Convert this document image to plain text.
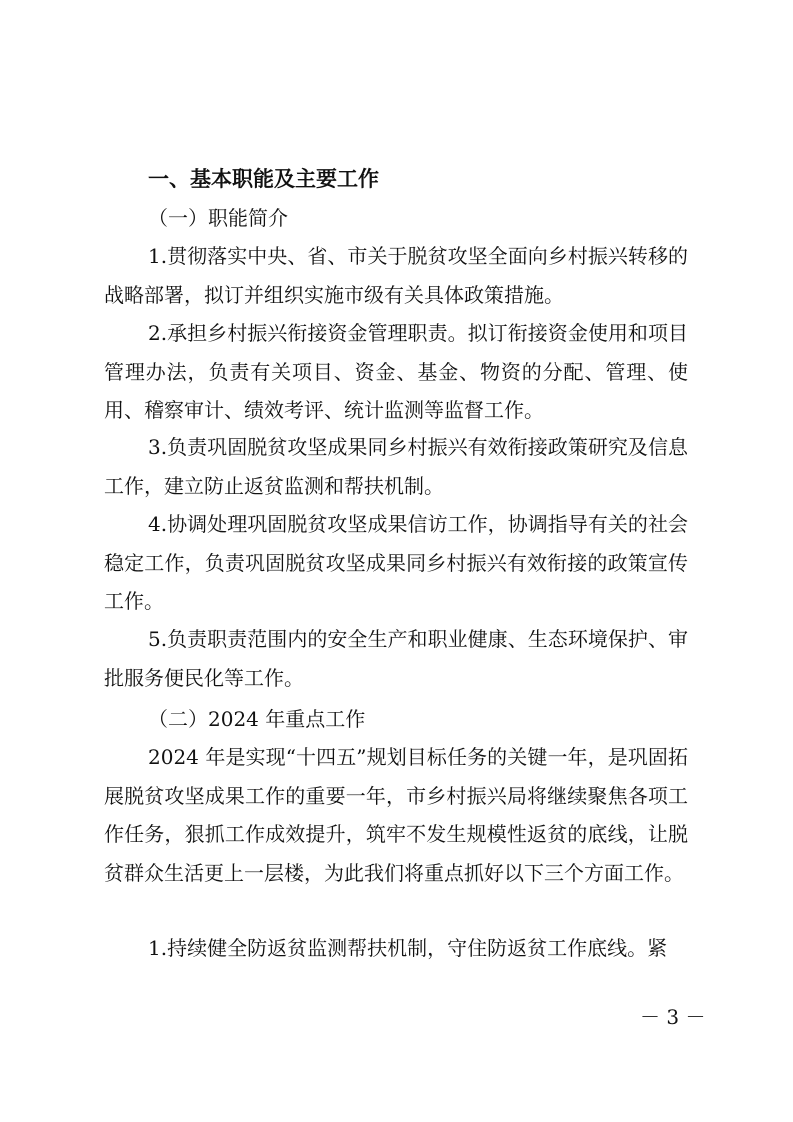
一、基本职能及主要工作
（一）职能简介

1.贯彻落实中央、省、市关于脱贫攻坚全面向乡村振兴转移的战略部署，拟订并组织实施市级有关具体政策措施。

2.承担乡村振兴衔接资金管理职责。拟订衔接资金使用和项目管理办法，负责有关项目、资金、基金、物资的分配、管理、使用、稽察审计、绩效考评、统计监测等监督工作。

3.负责巩固脱贫攻坚成果同乡村振兴有效衔接政策研究及信息工作，建立防止返贫监测和帮扶机制。

4.协调处理巩固脱贫攻坚成果信访工作，协调指导有关的社会稳定工作，负责巩固脱贫攻坚成果同乡村振兴有效衔接的政策宣传工作。

5.负责职责范围内的安全生产和职业健康、生态环境保护、审批服务便民化等工作。

（二）2024 年重点工作

2024 年是实现“十四五”规划目标任务的关键一年，是巩固拓展脱贫攻坚成果工作的重要一年，市乡村振兴局将继续聚焦各项工作任务，狠抓工作成效提升，筑牢不发生规模性返贫的底线，让脱贫群众生活更上一层楼，为此我们将重点抓好以下三个方面工作。

1.持续健全防返贫监测帮扶机制，守住防返贫工作底线。紧

－ 3 －
